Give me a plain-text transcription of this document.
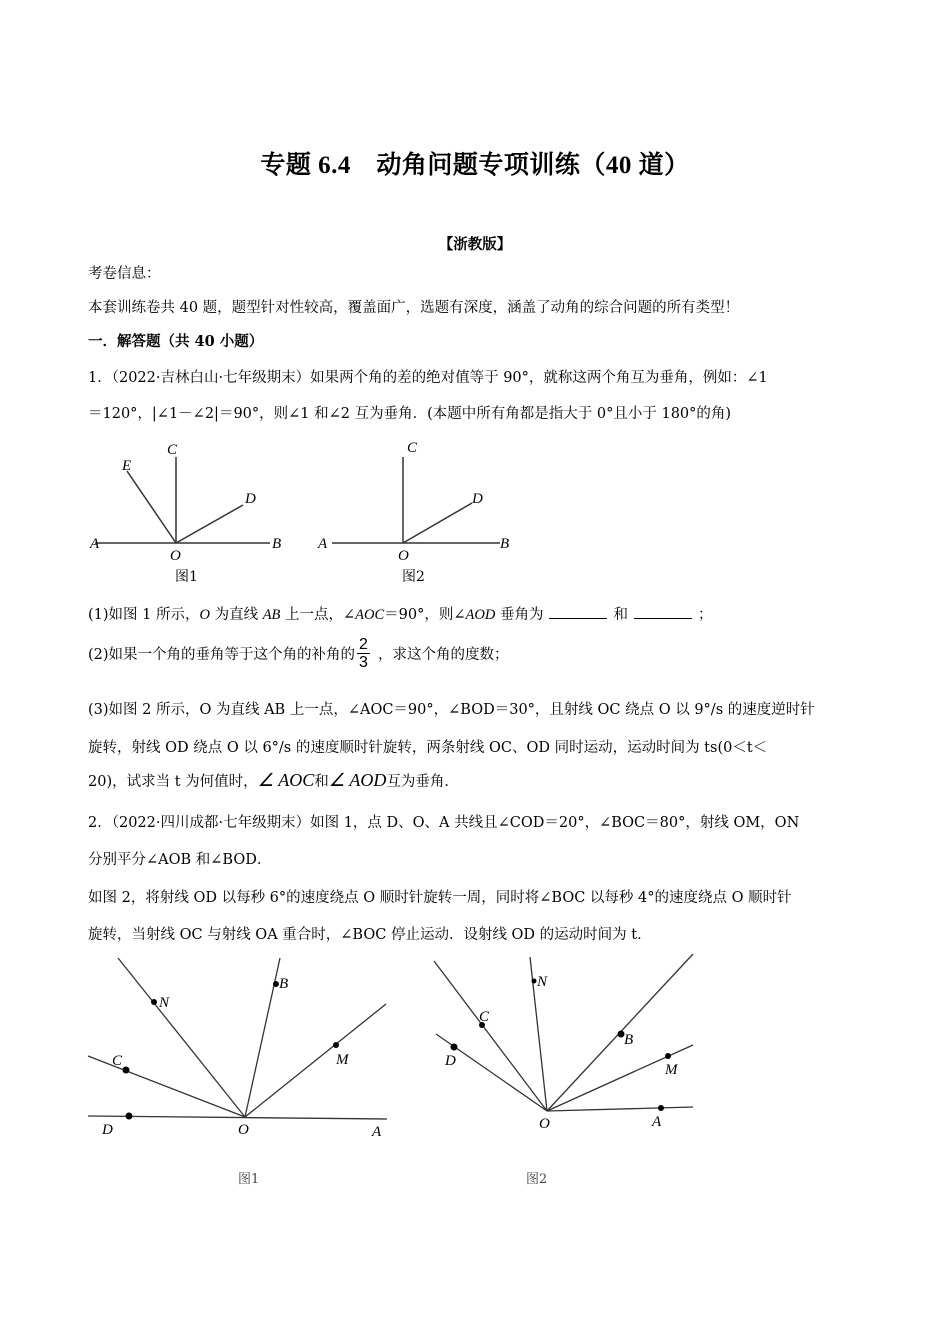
专题 6.4　动角问题专项训练（40 道）
【浙教版】
考卷信息：
本套训练卷共 40 题，题型针对性较高，覆盖面广，选题有深度，涵盖了动角的综合问题的所有类型！
一．解答题（共 40 小题）
1．（2022·吉林白山·七年级期末）如果两个角的差的绝对值等于 90°，就称这两个角互为垂角，例如：∠1
＝120°，|∠1－∠2|＝90°，则∠1 和∠2 互为垂角．(本题中所有角都是指大于 0°且小于 180°的角)
A	B
C
D
E
O
图1
A	B
C
D
O
图2
(1)如图 1 所示，O 为直线 AB 上一点，∠AOC＝90°，则∠AOD 垂角为	和	；
(2)如果一个角的垂角等于这个角的补角的 $\frac{2}{3}$ ，求这个角的度数；
(3)如图 2 所示，O 为直线 AB 上一点，∠AOC＝90°，∠BOD＝30°，且射线 OC 绕点 O 以 9°/s 的速度逆时针
旋转，射线 OD 绕点 O 以 6°/s 的速度顺时针旋转，两条射线 OC、OD 同时运动，运动时间为 ts(0＜t＜
20)，试求当 t 为何值时，∠ AOC和∠ AOD互为垂角．
2．（2022·四川成都·七年级期末）如图 1，点 D、O、A 共线且∠COD＝20°，∠BOC＝80°，射线 OM，ON
分别平分∠AOB 和∠BOD．
如图 2，将射线 OD 以每秒 6°的速度绕点 O 顺时针旋转一周，同时将∠BOC 以每秒 4°的速度绕点 O 顺时针
旋转，当射线 OC 与射线 OA 重合时，∠BOC 停止运动．设射线 OD 的运动时间为 t．
N
B
M
C
D	O	A
图1
N
C
D
B
M
O	A
图2
